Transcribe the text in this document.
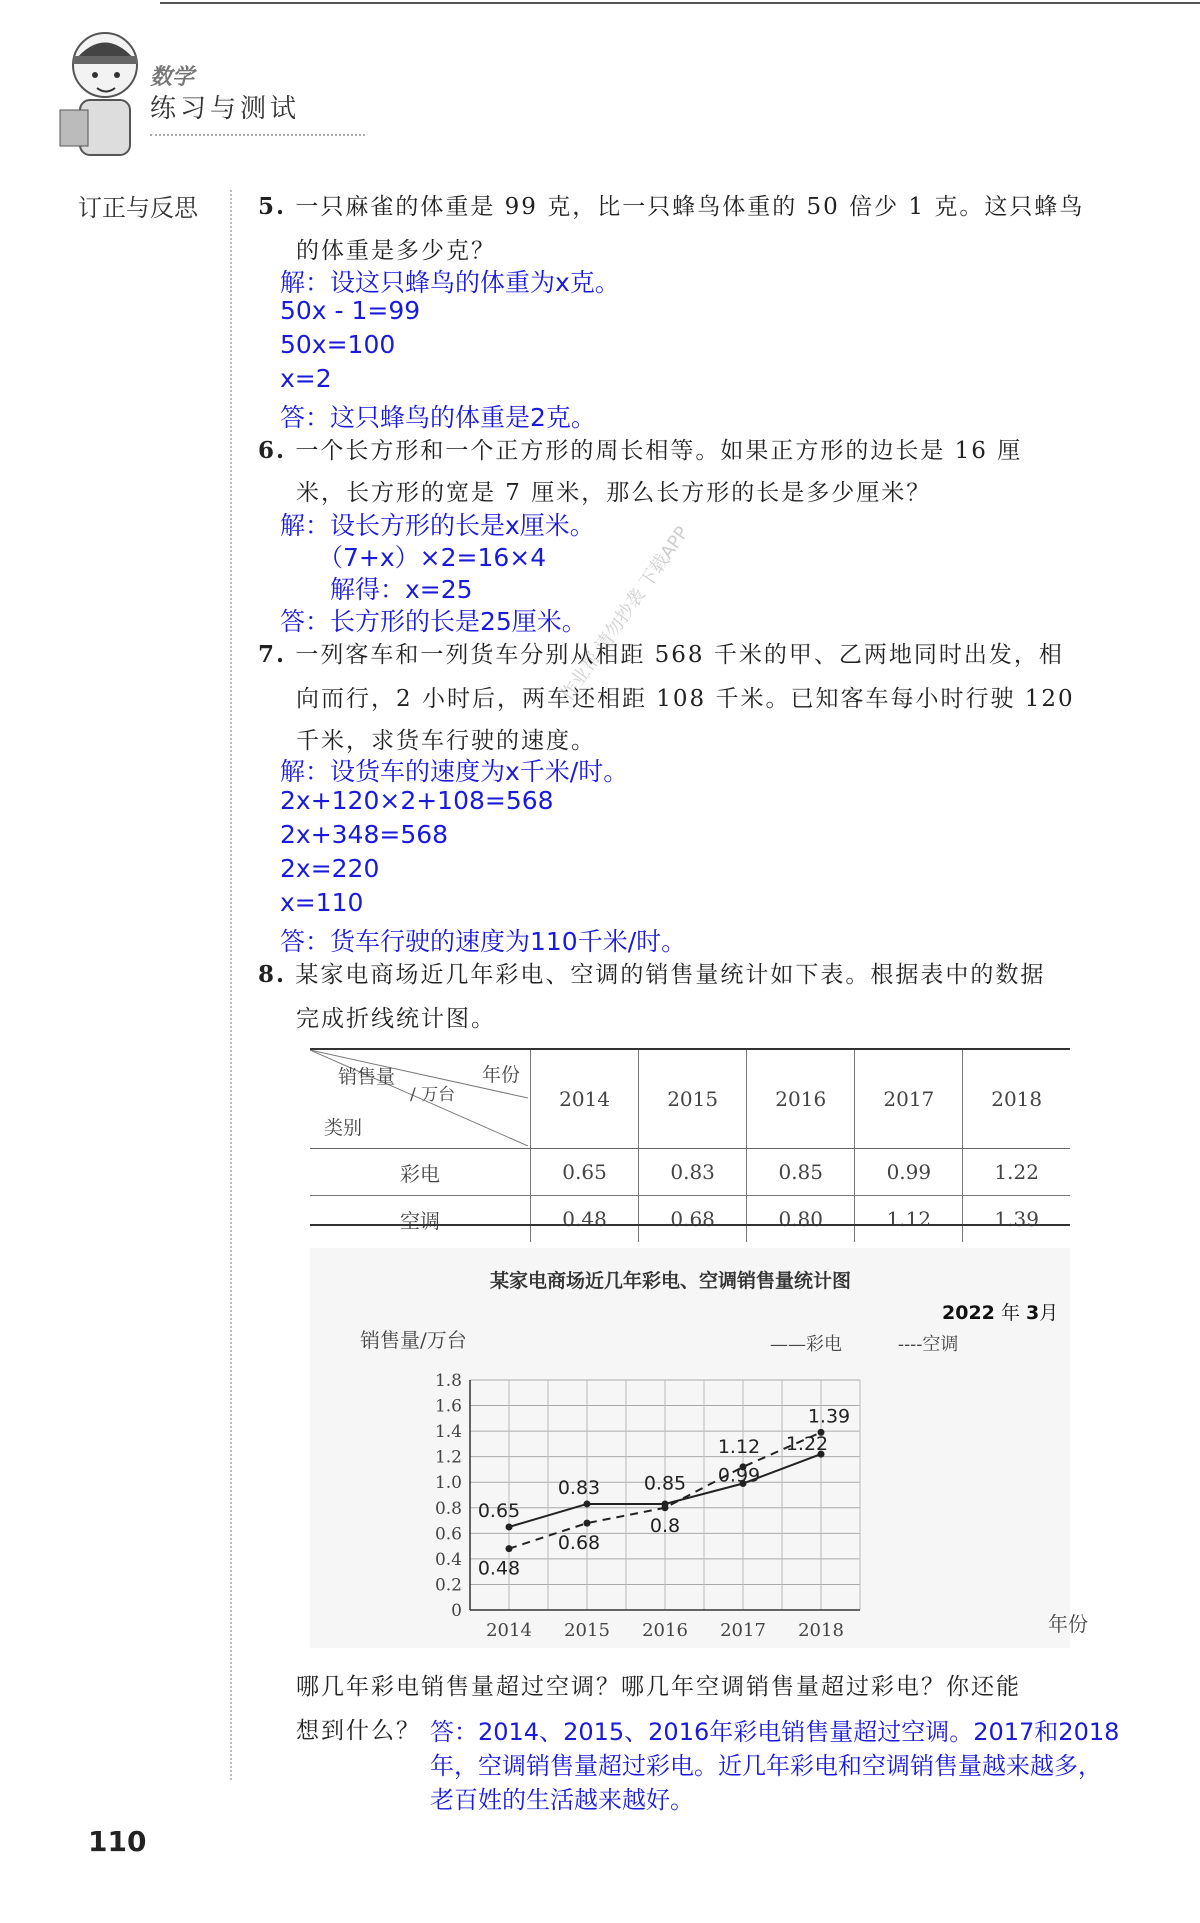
数学
练习与测试
订正与反思
作业帮 请勿抄袭 下载APP
5. 一只麻雀的体重是 99 克，比一只蜂鸟体重的 50 倍少 1 克。这只蜂鸟
的体重是多少克？
解：设这只蜂鸟的体重为x克。
50x - 1=99
50x=100
x=2
答：这只蜂鸟的体重是2克。
6. 一个长方形和一个正方形的周长相等。如果正方形的边长是 16 厘
米，长方形的宽是 7 厘米，那么长方形的长是多少厘米？
解：设长方形的长是x厘米。
（7+x）×2=16×4
解得：x=25
答：长方形的长是25厘米。
7. 一列客车和一列货车分别从相距 568 千米的甲、乙两地同时出发，相
向而行，2 小时后，两车还相距 108 千米。已知客车每小时行驶 120
千米，求货车行驶的速度。
解：设货车的速度为x千米/时。
2x+120×2+108=568
2x+348=568
2x=220
x=110
答：货车行驶的速度为110千米/时。
8. 某家电商场近几年彩电、空调的销售量统计如下表。根据表中的数据
完成折线统计图。
年份
销售量
/ 万台
类别	2014	2015	2016	2017	2018
彩电	0.65	0.83	0.85	0.99	1.22
空调	0.48	0.68	0.80	1.12	1.39
某家电商场近几年彩电、空调销售量统计图
2022 年 3月
销售量/万台	——彩电	----空调
年份
0
0.2
0.4
0.6
0.8
1.0
1.2
1.4
1.6
1.8
2014 2015 2016 2017 2018
0.65
0.48
0.83
0.68
0.85
0.8
1.12
0.99
1.39
1.22
哪几年彩电销售量超过空调？哪几年空调销售量超过彩电？你还能
想到什么？ 答：2014、2015、2016年彩电销售量超过空调。2017和2018
年，空调销售量超过彩电。近几年彩电和空调销售量越来越多，
老百姓的生活越来越好。
110
